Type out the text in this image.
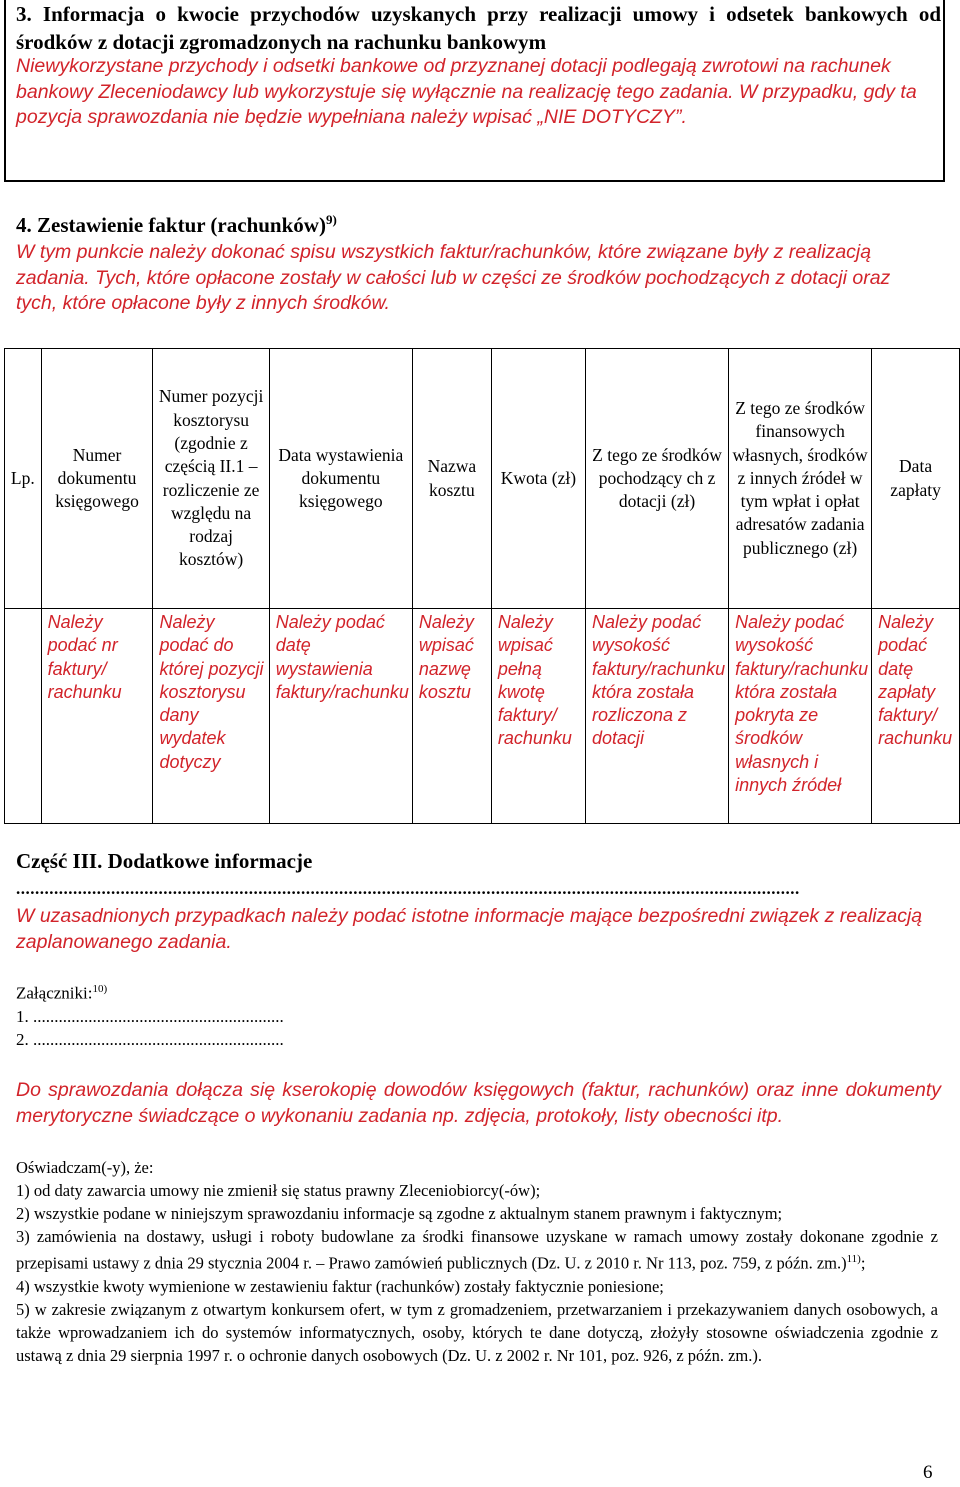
3. Informacja o kwocie przychodów uzyskanych przy realizacji umowy i odsetek bankowych od środków z dotacji zgromadzonych na rachunku bankowym
Niewykorzystane przychody i odsetki bankowe od przyznanej dotacji podlegają zwrotowi na rachunek bankowy Zleceniodawcy lub wykorzystuje się wyłącznie na realizację tego zadania. W przypadku, gdy ta pozycja sprawozdania nie będzie wypełniana należy wpisać „NIE DOTYCZY”.
4. Zestawienie faktur (rachunków)$^{9)}$
W tym punkcie należy dokonać spisu wszystkich faktur/rachunków, które związane były z realizacją zadania. Tych, które opłacone zostały w całości lub w części ze środków pochodzących z dotacji oraz tych, które opłacone były z innych środków.
Lp.	Numer dokumentu księgowego	Numer pozycji kosztorysu (zgodnie z częścią II.1 – rozliczenie ze względu na rodzaj kosztów)	Data wystawienia dokumentu księgowego	Nazwa kosztu	Kwota (zł)	Z tego ze środków pochodzący ch z dotacji (zł)	Z tego ze środków finansowych własnych, środków z innych źródeł w tym wpłat i opłat adresatów zadania publicznego (zł)	Data zapłaty
	Należy podać nr faktury/ rachunku	Należy podać do której pozycji kosztorysu dany wydatek dotyczy	Należy podać datę wystawienia faktury/rachunku	Należy wpisać nazwę kosztu	Należy wpisać pełną kwotę faktury/ rachunku	Należy podać wysokość faktury/rachunku która została rozliczona z dotacji	Należy podać wysokość faktury/rachunku która została pokryta ze środków własnych i innych źródeł	Należy podać datę zapłaty faktury/ rachunku
Część III. Dodatkowe informacje
.....................................................................................................................................................................
W uzasadnionych przypadkach należy podać istotne informacje mające bezpośredni związek z realizacją zaplanowanego zadania.
Załączniki:$^{10)}$
1. ...........................................................
2. ...........................................................
Do sprawozdania dołącza się kserokopię dowodów księgowych (faktur, rachunków) oraz inne dokumenty merytoryczne świadczące o wykonaniu zadania np. zdjęcia, protokoły, listy obecności itp.

Oświadczam(-y), że:

1) od daty zawarcia umowy nie zmienił się status prawny Zleceniobiorcy(-ów);

2) wszystkie podane w niniejszym sprawozdaniu informacje są zgodne z aktualnym stanem prawnym i faktycznym;

3) zamówienia na dostawy, usługi i roboty budowlane za środki finansowe uzyskane w ramach umowy zostały dokonane zgodnie z przepisami ustawy z dnia 29 stycznia 2004 r. – Prawo zamówień publicznych (Dz. U. z 2010 r. Nr 113, poz. 759, z późn. zm.)$^{11)}$;

4) wszystkie kwoty wymienione w zestawieniu faktur (rachunków) zostały faktycznie poniesione;

5) w zakresie związanym z otwartym konkursem ofert, w tym z gromadzeniem, przetwarzaniem i przekazywaniem danych osobowych, a także wprowadzaniem ich do systemów informatycznych, osoby, których te dane dotyczą, złożyły stosowne oświadczenia zgodnie z ustawą z dnia 29 sierpnia 1997 r. o ochronie danych osobowych (Dz. U. z 2002 r. Nr 101, poz. 926, z późn. zm.).

6
